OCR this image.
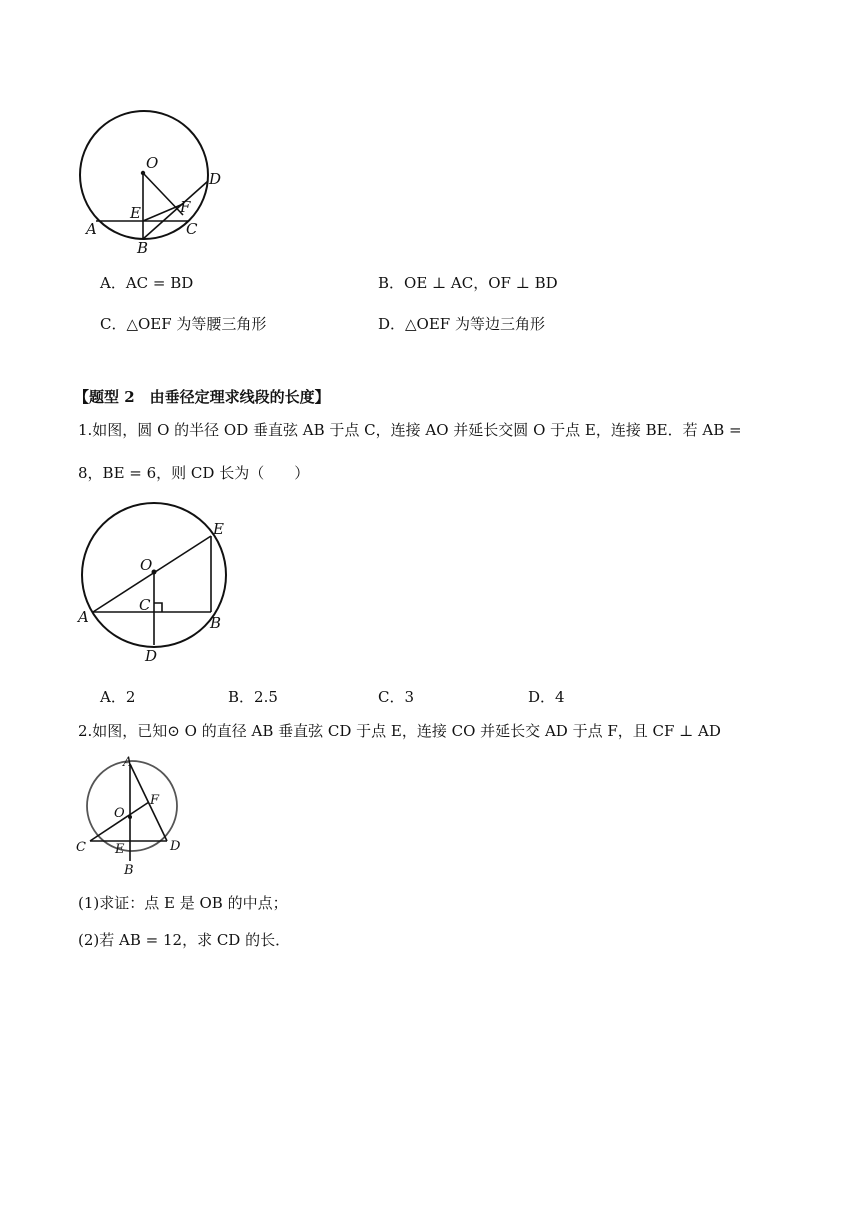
O
D
E	F
A	C
B
A．AC = BD	B．OE ⊥ AC，OF ⊥ BD
C．△OEF 为等腰三角形	D．△OEF 为等边三角形
【题型 2　由垂径定理求线段的长度】
1.如图，圆 O 的半径 OD 垂直弦 AB 于点 C，连接 AO 并延长交圆 O 于点 E，连接 BE．若 AB =
8，BE = 6，则 CD 长为（　　）
E
O
C
A	B
D
A．2	B．2.5	C．3	D．4
2.如图，已知⊙ O 的直径 AB 垂直弦 CD 于点 E，连接 CO 并延长交 AD 于点 F，且 CF ⊥ AD
A
F
O
C E	D
B
(1)求证：点 E 是 OB 的中点；
(2)若 AB = 12，求 CD 的长．
